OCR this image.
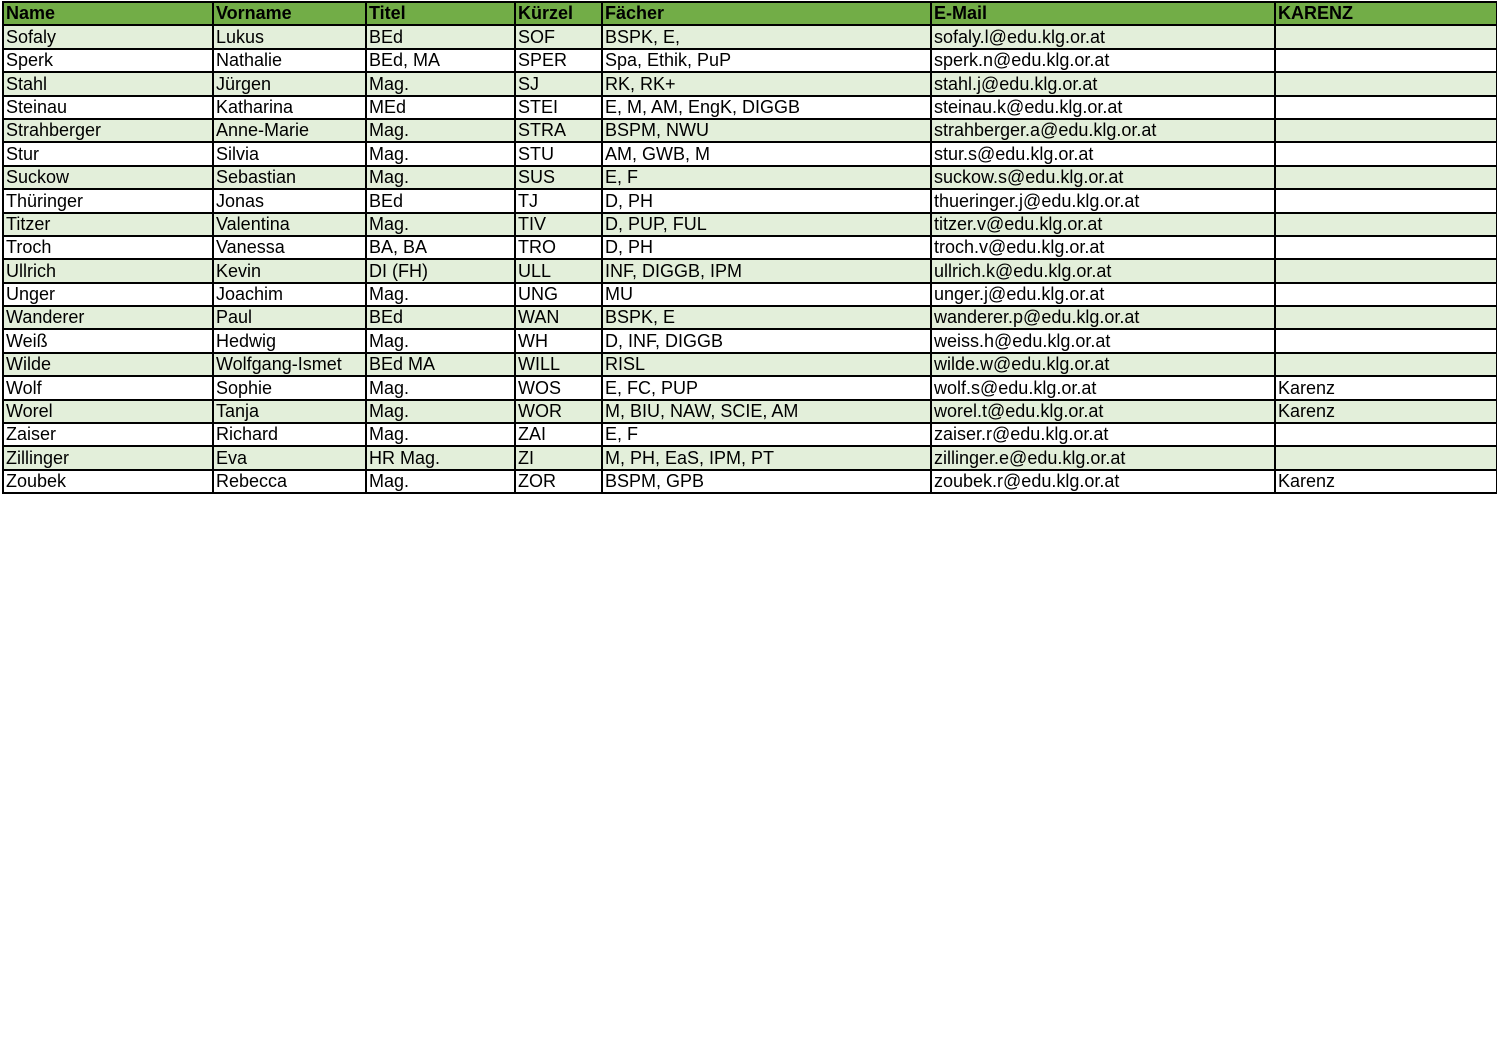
Name	Vorname	Titel	Kürzel	Fächer	E-Mail	KARENZ
Sofaly	Lukus	BEd	SOF	BSPK, E,	sofaly.l@edu.klg.or.at	
Sperk	Nathalie	BEd, MA	SPER	Spa, Ethik, PuP	sperk.n@edu.klg.or.at	
Stahl	Jürgen	Mag.	SJ	RK, RK+	stahl.j@edu.klg.or.at	
Steinau	Katharina	MEd	STEI	E, M, AM, EngK, DIGGB	steinau.k@edu.klg.or.at	
Strahberger	Anne-Marie	Mag.	STRA	BSPM, NWU	strahberger.a@edu.klg.or.at	
Stur	Silvia	Mag.	STU	AM, GWB, M	stur.s@edu.klg.or.at	
Suckow	Sebastian	Mag.	SUS	E, F	suckow.s@edu.klg.or.at	
Thüringer	Jonas	BEd	TJ	D, PH	thueringer.j@edu.klg.or.at	
Titzer	Valentina	Mag.	TIV	D, PUP, FUL	titzer.v@edu.klg.or.at	
Troch	Vanessa	BA, BA	TRO	D, PH	troch.v@edu.klg.or.at	
Ullrich	Kevin	DI (FH)	ULL	INF, DIGGB, IPM	ullrich.k@edu.klg.or.at	
Unger	Joachim	Mag.	UNG	MU	unger.j@edu.klg.or.at	
Wanderer	Paul	BEd	WAN	BSPK, E	wanderer.p@edu.klg.or.at	
Weiß	Hedwig	Mag.	WH	D, INF, DIGGB	weiss.h@edu.klg.or.at	
Wilde	Wolfgang-Ismet	BEd MA	WILL	RISL	wilde.w@edu.klg.or.at	
Wolf	Sophie	Mag.	WOS	E, FC, PUP	wolf.s@edu.klg.or.at	Karenz
Worel	Tanja	Mag.	WOR	M, BIU, NAW, SCIE, AM	worel.t@edu.klg.or.at	Karenz
Zaiser	Richard	Mag.	ZAI	E, F	zaiser.r@edu.klg.or.at	
Zillinger	Eva	HR Mag.	ZI	M, PH, EaS, IPM, PT	zillinger.e@edu.klg.or.at	
Zoubek	Rebecca	Mag.	ZOR	BSPM, GPB	zoubek.r@edu.klg.or.at	Karenz
